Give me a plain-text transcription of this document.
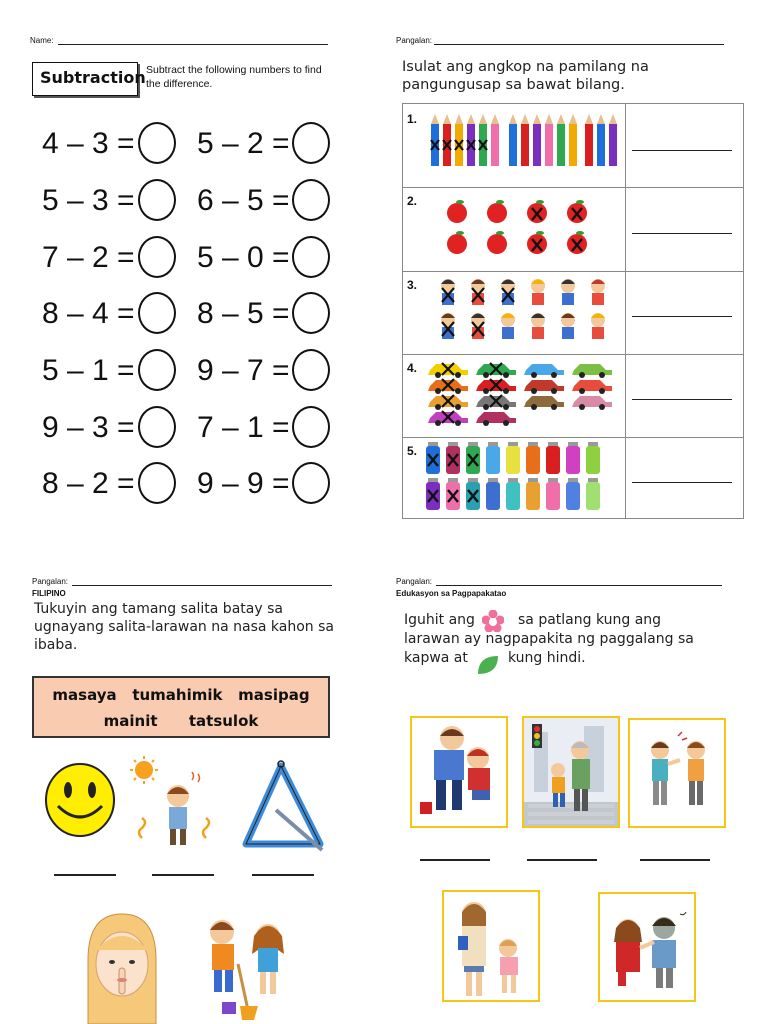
Name:
Subtraction Subtract the following numbers to find the difference.
4 – 3 =
5 – 3 =
7 – 2 =
8 – 4 =
5 – 1 =
9 – 3 =
8 – 2 =
5 – 2 =
6 – 5 =
5 – 0 =
8 – 5 =
9 – 7 =
7 – 1 =
9 – 9 =
Pangalan:
Isulat ang angkop na pamilang na pangungusap sa bawat bilang.
1.
2.
3.
4.
5.
Pangalan:
FILIPINO
Tukuyin ang tamang salita batay sa ugnayang salita-larawan na nasa kahon sa ibaba.
masaya   tumahimik   masipag
mainit      tatsulok
Pangalan:
Edukasyon sa Pagpapakatao
Iguhit ang	sa patlang kung ang
larawan ay nagpapakita ng paggalang sa
kapwa at	kung hindi.
